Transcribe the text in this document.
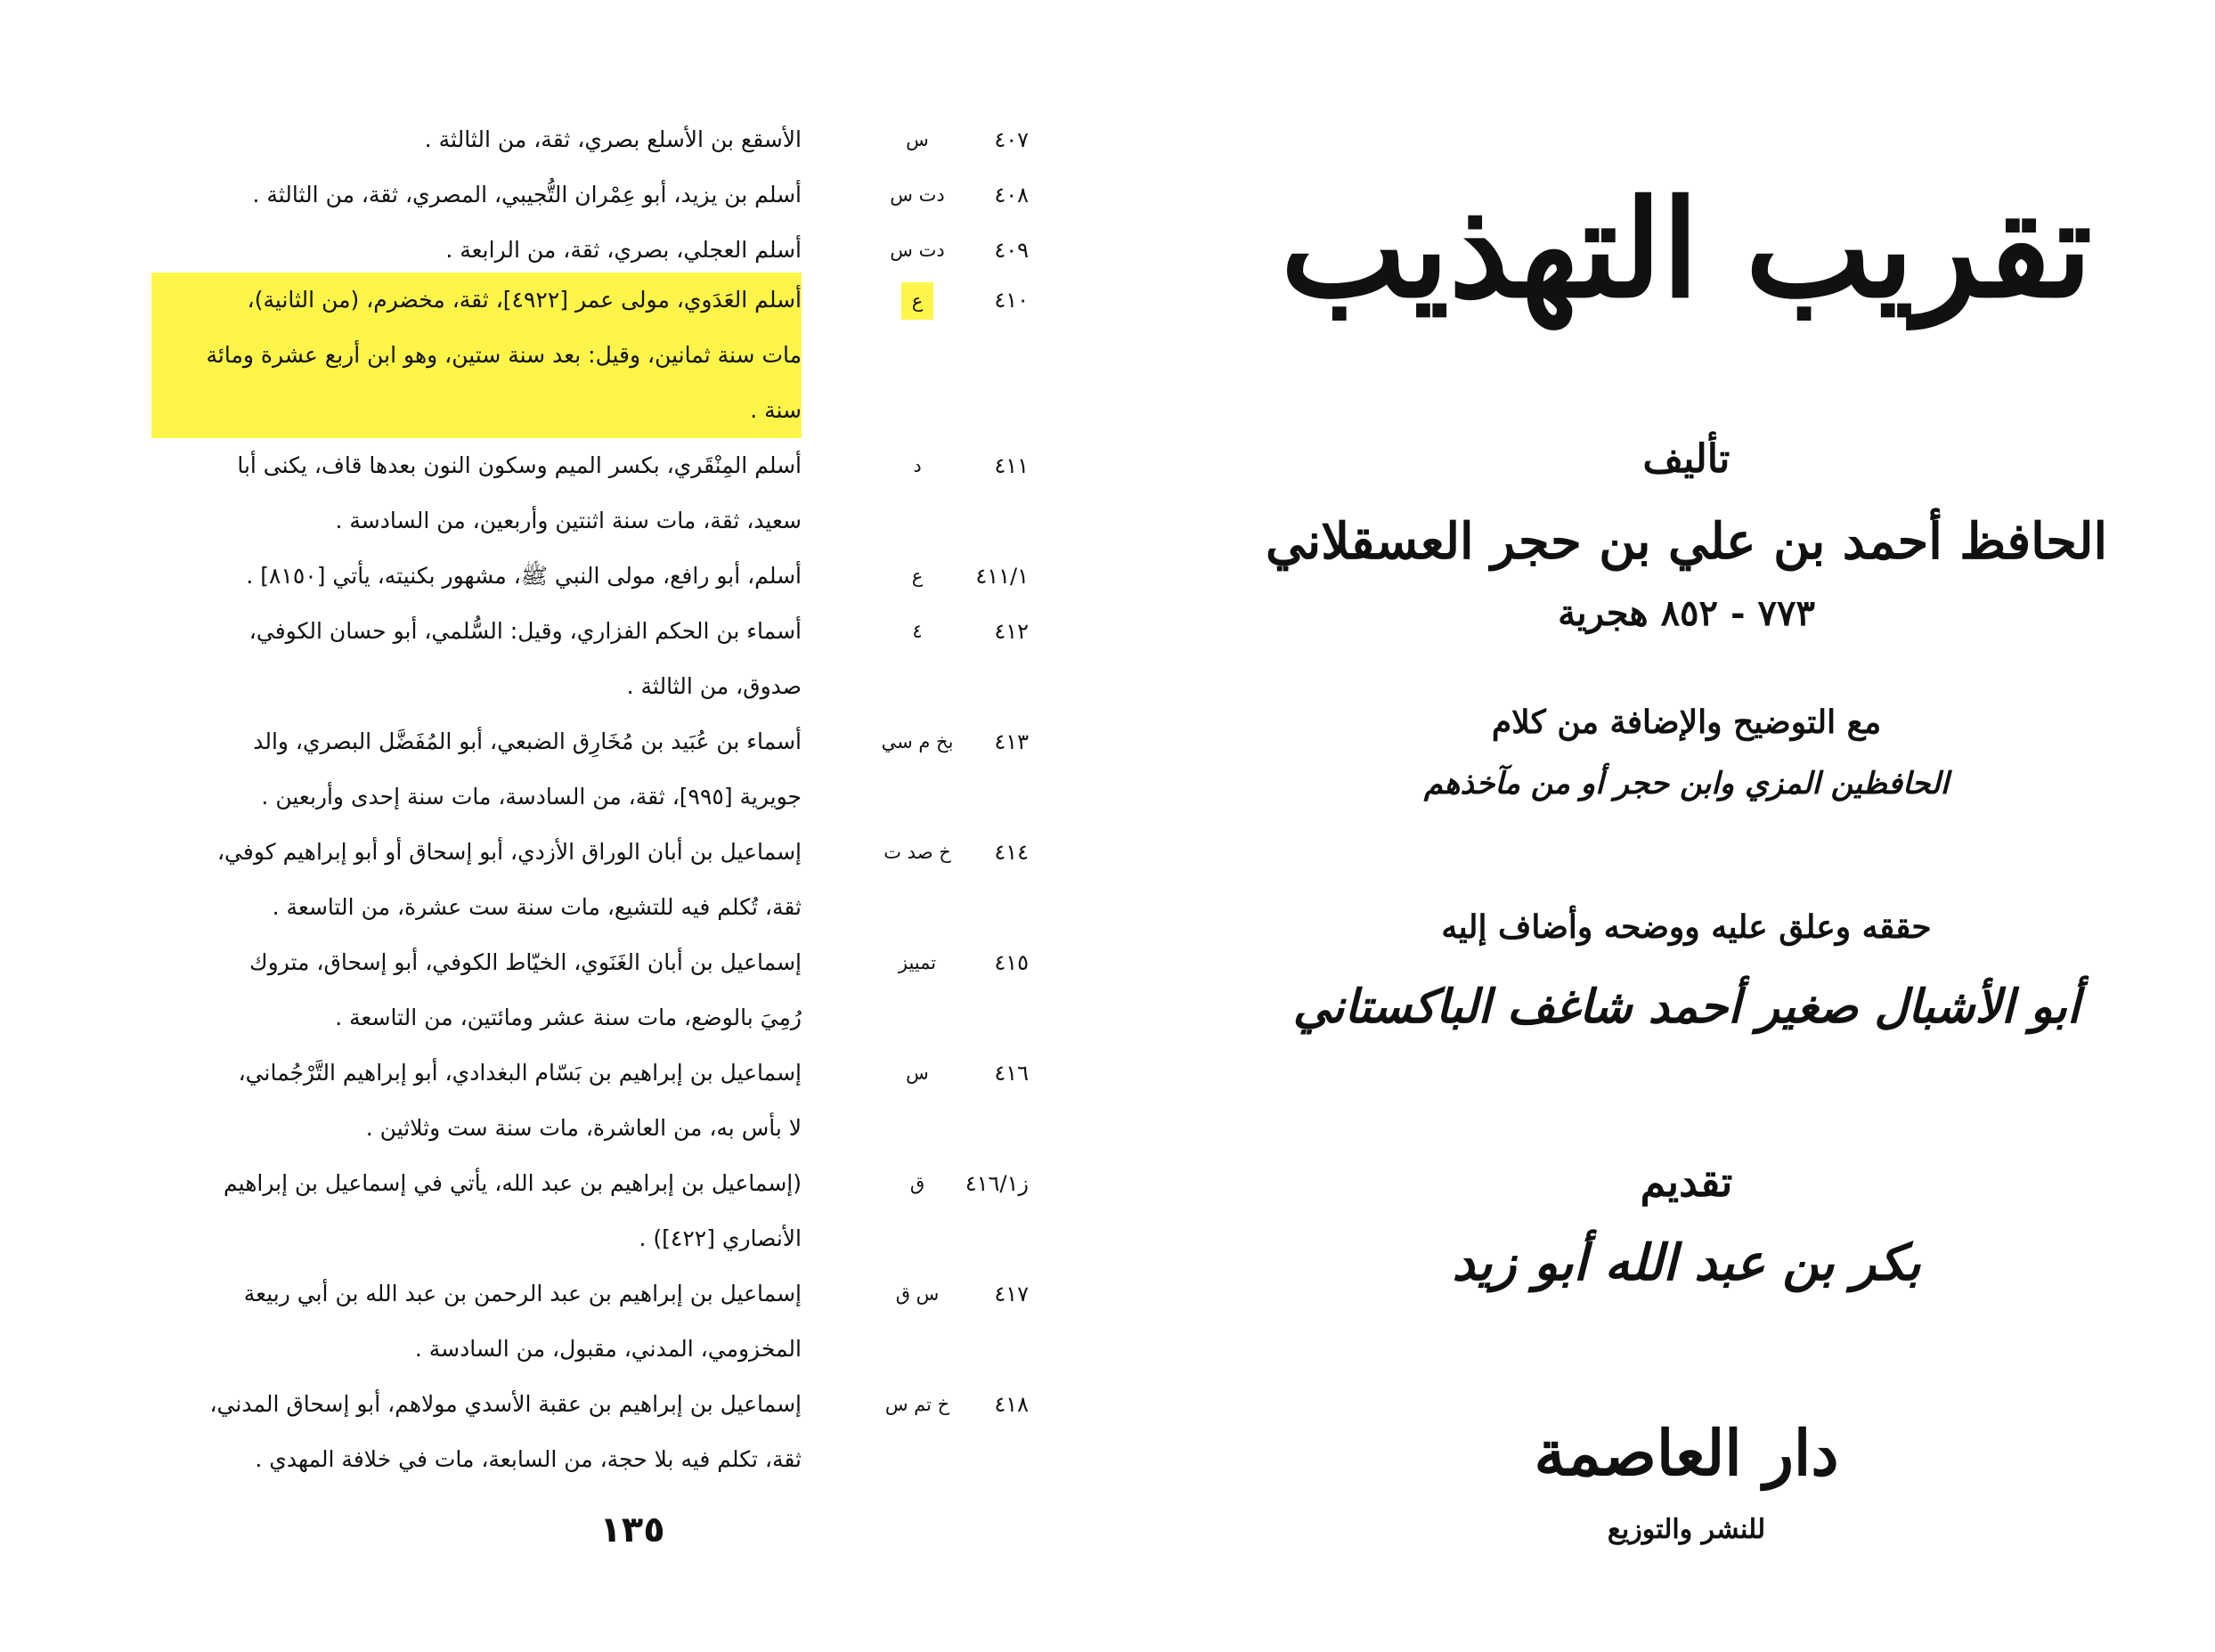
٤٠٧
س

الأسقع بن الأسلع بصري، ثقة، من الثالثة .

٤٠٨
دت س

أسلم بن يزيد، أبو عِمْران التُّجيبي، المصري، ثقة، من الثالثة .

٤٠٩
دت س

أسلم العجلي، بصري، ثقة، من الرابعة .

٤١٠
ع

أسلم العَدَوي، مولى عمر [٤٩٢٢]، ثقة، مخضرم، (من الثانية)،

مات سنة ثمانين، وقيل: بعد سنة ستين، وهو ابن أربع عشرة ومائة

سنة .

٤١١
د

أسلم المِنْقَري، بكسر الميم وسكون النون بعدها قاف، يكنى أبا

سعيد، ثقة، مات سنة اثنتين وأربعين، من السادسة .

٤١١/١
ع

أسلم، أبو رافع، مولى النبي ﷺ، مشهور بكنيته، يأتي [٨١٥٠] .

٤١٢
٤

أسماء بن الحكم الفزاري، وقيل: السُّلمي، أبو حسان الكوفي،

صدوق، من الثالثة .

٤١٣
بخ م سي

أسماء بن عُبَيد بن مُخَارِق الضبعي، أبو المُفَضَّل البصري، والد

جويرية [٩٩٥]، ثقة، من السادسة، مات سنة إحدى وأربعين .

٤١٤
خ صد ت

إسماعيل بن أبان الوراق الأزدي، أبو إسحاق أو أبو إبراهيم كوفي،

ثقة، تُكلم فيه للتشيع، مات سنة ست عشرة، من التاسعة .

٤١٥
تمييز

إسماعيل بن أبان الغَنَوي، الخيّاط الكوفي، أبو إسحاق، متروك

رُمِيَ بالوضع، مات سنة عشر ومائتين، من التاسعة .

٤١٦
س

إسماعيل بن إبراهيم بن بَسّام البغدادي، أبو إبراهيم التَّرْجُماني،

لا بأس به، من العاشرة، مات سنة ست وثلاثين .

ز٤١٦/١
ق

(إسماعيل بن إبراهيم بن عبد الله، يأتي في إسماعيل بن إبراهيم

الأنصاري [٤٢٢]) .

٤١٧
س ق

إسماعيل بن إبراهيم بن عبد الرحمن بن عبد الله بن أبي ربيعة

المخزومي، المدني، مقبول، من السادسة .

٤١٨
خ تم س

إسماعيل بن إبراهيم بن عقبة الأسدي مولاهم، أبو إسحاق المدني،

ثقة، تكلم فيه بلا حجة، من السابعة، مات في خلافة المهدي .

١٣٥
تقريب التهذيب
تأليف
الحافظ أحمد بن علي بن حجر العسقلاني
٧٧٣ - ٨٥٢ هجرية
مع التوضيح والإضافة من كلام
الحافظين المزي وابن حجر أو من مآخذهم
حققه وعلق عليه ووضحه وأضاف إليه
أبو الأشبال صغير أحمد شاغف الباكستاني
تقديم
بكر بن عبد الله أبو زيد
دار العاصمة
للنشر والتوزيع
